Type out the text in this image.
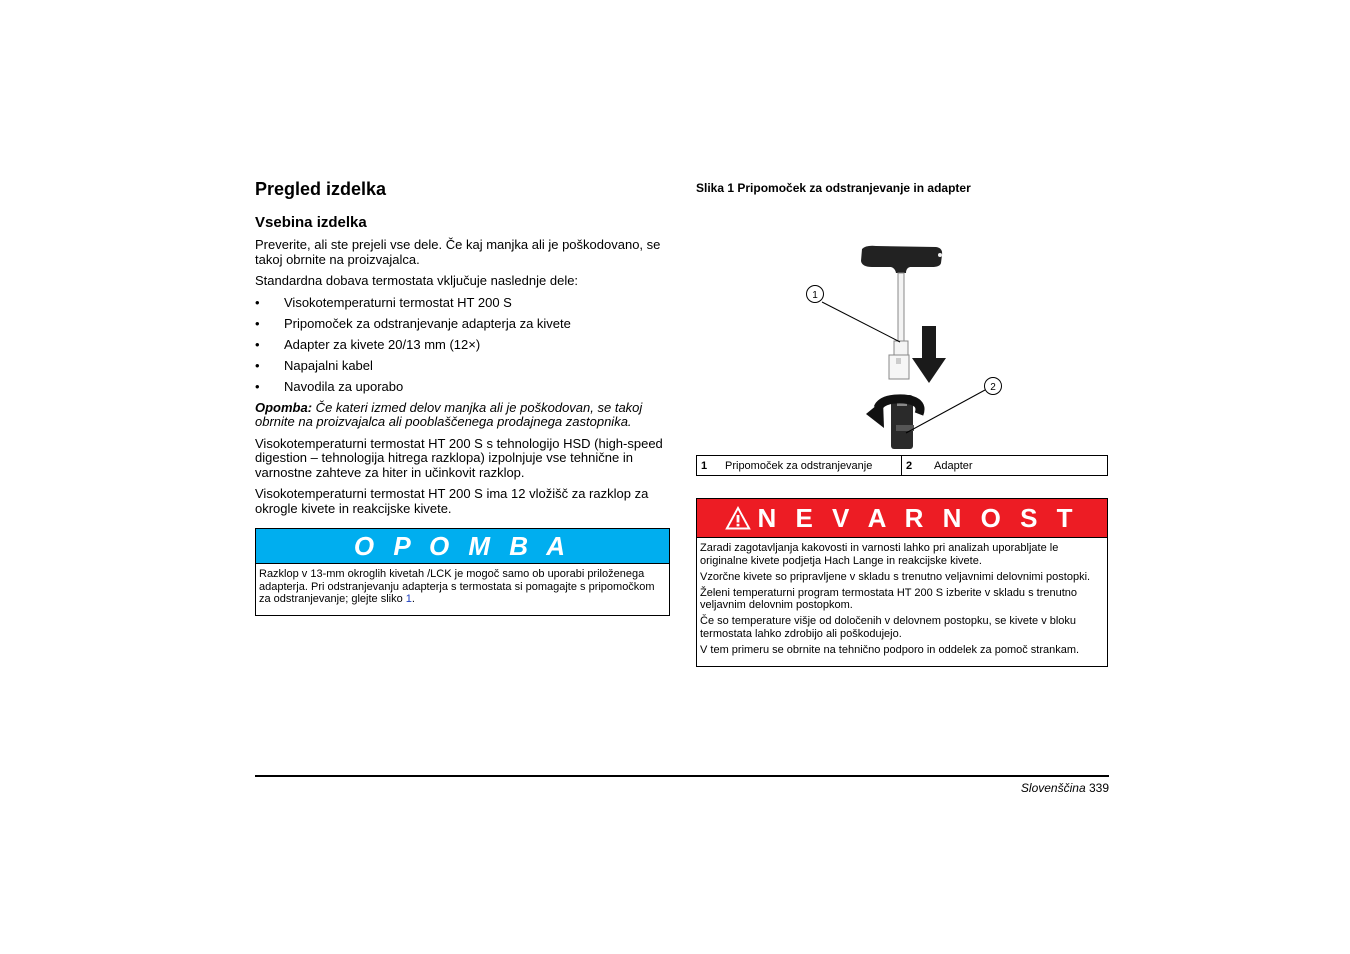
Pregled izdelka
Vsebina izdelka
Preverite, ali ste prejeli vse dele. Če kaj manjka ali je poškodovano, se takoj obrnite na proizvajalca.
Standardna dobava termostata vključuje naslednje dele:
• Visokotemperaturni termostat HT 200 S
• Pripomoček za odstranjevanje adapterja za kivete
• Adapter za kivete 20/13 mm (12×)
• Napajalni kabel
• Navodila za uporabo
Opomba: Če kateri izmed delov manjka ali je poškodovan, se takoj obrnite na proizvajalca ali pooblaščenega prodajnega zastopnika.
Visokotemperaturni termostat HT 200 S s tehnologijo HSD (high-speed digestion – tehnologija hitrega razklopa) izpolnjuje vse tehnične in varnostne zahteve za hiter in učinkovit razklop.
Visokotemperaturni termostat HT 200 S ima 12 vložišč za razklop za okrogle kivete in reakcijske kivete.
O P O M B A
Razklop v 13-mm okroglih kivetah /LCK je mogoč samo ob uporabi priloženega adapterja. Pri odstranjevanju adapterja s termostata si pomagajte s pripomočkom za odstranjevanje; glejte sliko 1.
Slika 1 Pripomoček za odstranjevanje in adapter
1
2
1	Pripomoček za odstranjevanje	2	Adapter
N E V A R N O S T
Zaradi zagotavljanja kakovosti in varnosti lahko pri analizah uporabljate le originalne kivete podjetja Hach Lange in reakcijske kivete.
Vzorčne kivete so pripravljene v skladu s trenutno veljavnimi delovnimi postopki.
Želeni temperaturni program termostata HT 200 S izberite v skladu s trenutno veljavnim delovnim postopkom.
Če so temperature višje od določenih v delovnem postopku, se kivete v bloku termostata lahko zdrobijo ali poškodujejo.
V tem primeru se obrnite na tehnično podporo in oddelek za pomoč strankam.
Slovenščina 339
